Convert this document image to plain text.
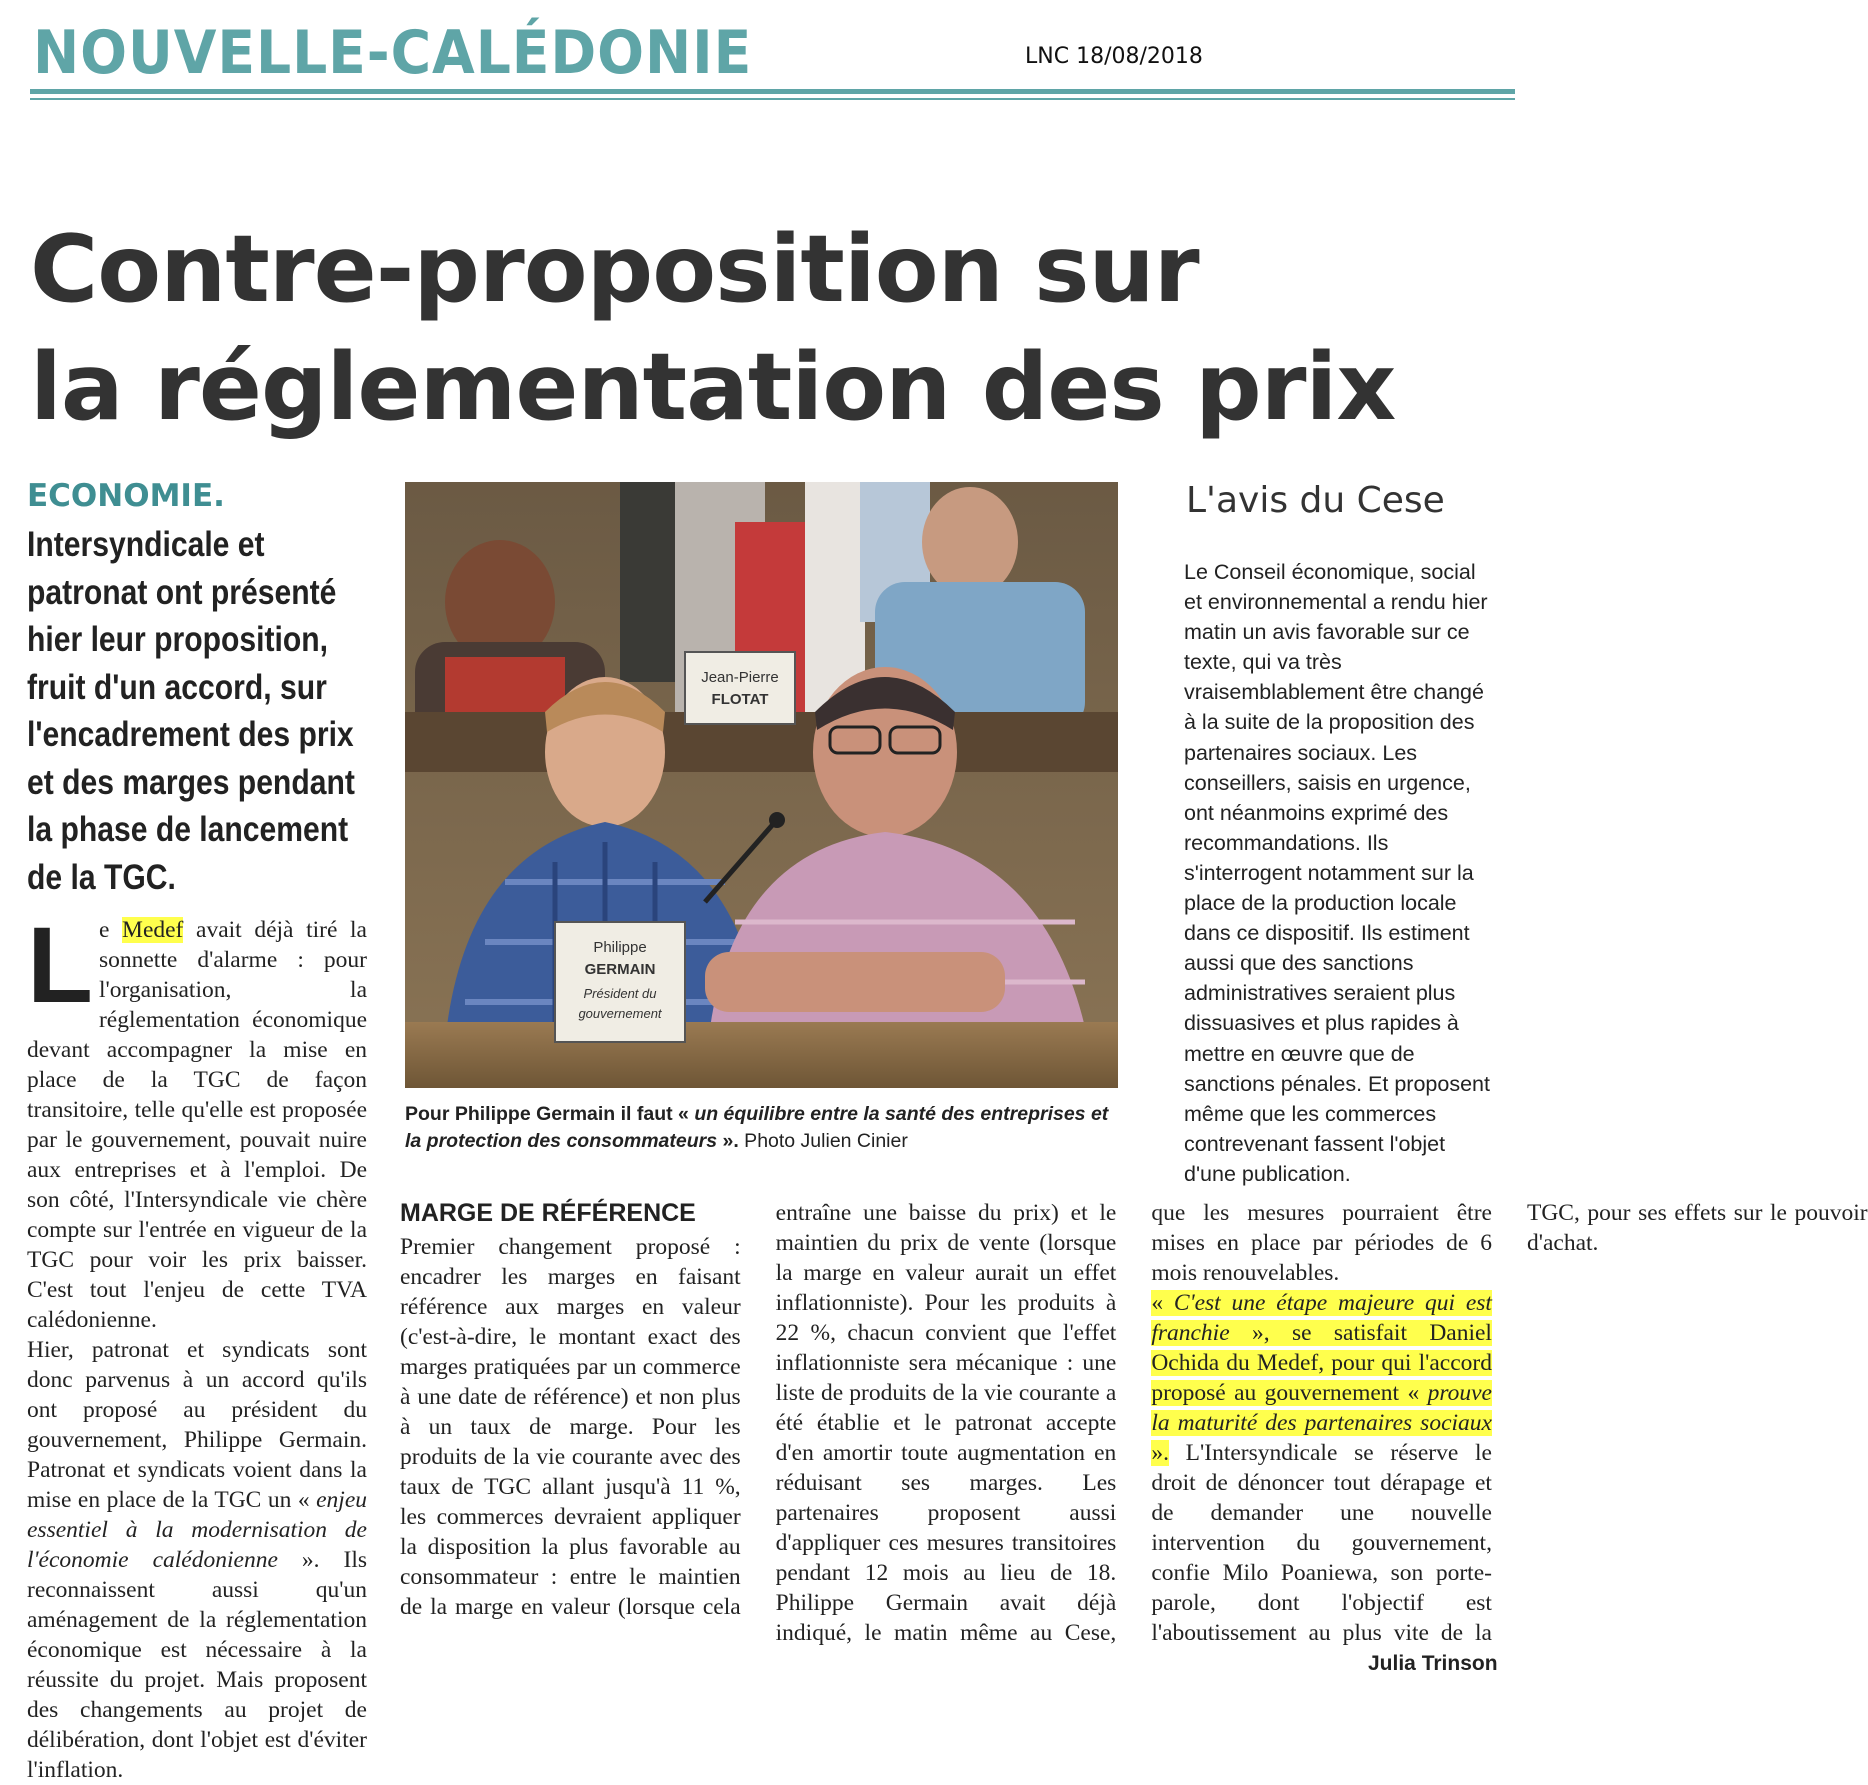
NOUVELLE-CALÉDONIE	LNC 18/08/2018
Contre-proposition sur
la réglementation des prix
ECONOMIE.
Intersyndicale et patronat ont présenté hier leur proposition, fruit d'un accord, sur l'encadrement des prix et des marges pendant la phase de lancement de la TGC.

Le Medef avait déjà tiré la sonnette d'alarme : pour l'organisation, la réglementation économique devant accompagner la mise en place de la TGC de façon transitoire, telle qu'elle est proposée par le gouvernement, pouvait nuire aux entreprises et à l'emploi. De son côté, l'Intersyndicale vie chère compte sur l'entrée en vigueur de la TGC pour voir les prix baisser. C'est tout l'enjeu de cette TVA calédonienne.

Hier, patronat et syndicats sont donc parvenus à un accord qu'ils ont proposé au président du gouvernement, Philippe Germain. Patronat et syndicats voient dans la mise en place de la TGC un « enjeu essentiel à la modernisation de l'économie calédonienne ». Ils reconnaissent aussi qu'un aménagement de la réglementation économique est nécessaire à la réussite du projet. Mais proposent des changements au projet de délibération, dont l'objet est d'éviter l'inflation.

Jean-Pierre
FLOTAT
Philippe
GERMAIN
Président du
gouvernement
Pour Philippe Germain il faut « un équilibre entre la santé des entreprises et la protection des consommateurs ». Photo Julien Cinier
L'avis du Cese

Le Conseil économique, social et environnemental a rendu hier matin un avis favorable sur ce texte, qui va très vraisemblablement être changé à la suite de la proposition des partenaires sociaux. Les conseillers, saisis en urgence, ont néanmoins exprimé des recommandations. Ils s'interrogent notamment sur la place de la production locale dans ce dispositif. Ils estiment aussi que des sanctions administratives seraient plus dissuasives et plus rapides à mettre en œuvre que de sanctions pénales. Et proposent même que les commerces contrevenant fassent l'objet d'une publication.

MARGE DE RÉFÉRENCE

Premier changement proposé : encadrer les marges en faisant référence aux marges en valeur (c'est-à-dire, le montant exact des marges pratiquées par un commerce à une date de référence) et non plus à un taux de marge. Pour les produits de la vie courante avec des taux de TGC allant jusqu'à 11 %, les commerces devraient appliquer la disposition la plus favorable au consommateur : entre le maintien de la marge en valeur (lorsque cela entraîne une baisse du prix) et le maintien du prix de vente (lorsque la marge en valeur aurait un effet inflationniste). Pour les produits à 22 %, chacun convient que l'effet inflationniste sera mécanique : une liste de produits de la vie courante a été établie et le patronat accepte d'en amortir toute augmentation en réduisant ses marges. Les partenaires proposent aussi d'appliquer ces mesures transitoires pendant 12 mois au lieu de 18. Philippe Germain avait déjà indiqué, le matin même au Cese, que les mesures pourraient être mises en place par périodes de 6 mois renouvelables.

« C'est une étape majeure qui est franchie », se satisfait Daniel Ochida du Medef, pour qui l'accord proposé au gouvernement « prouve la maturité des partenaires sociaux ». L'Intersyndicale se réserve le droit de dénoncer tout dérapage et de demander une nouvelle intervention du gouvernement, confie Milo Poaniewa, son porte-parole, dont l'objectif est l'aboutissement au plus vite de la TGC, pour ses effets sur le pouvoir d'achat.

Julia Trinson
